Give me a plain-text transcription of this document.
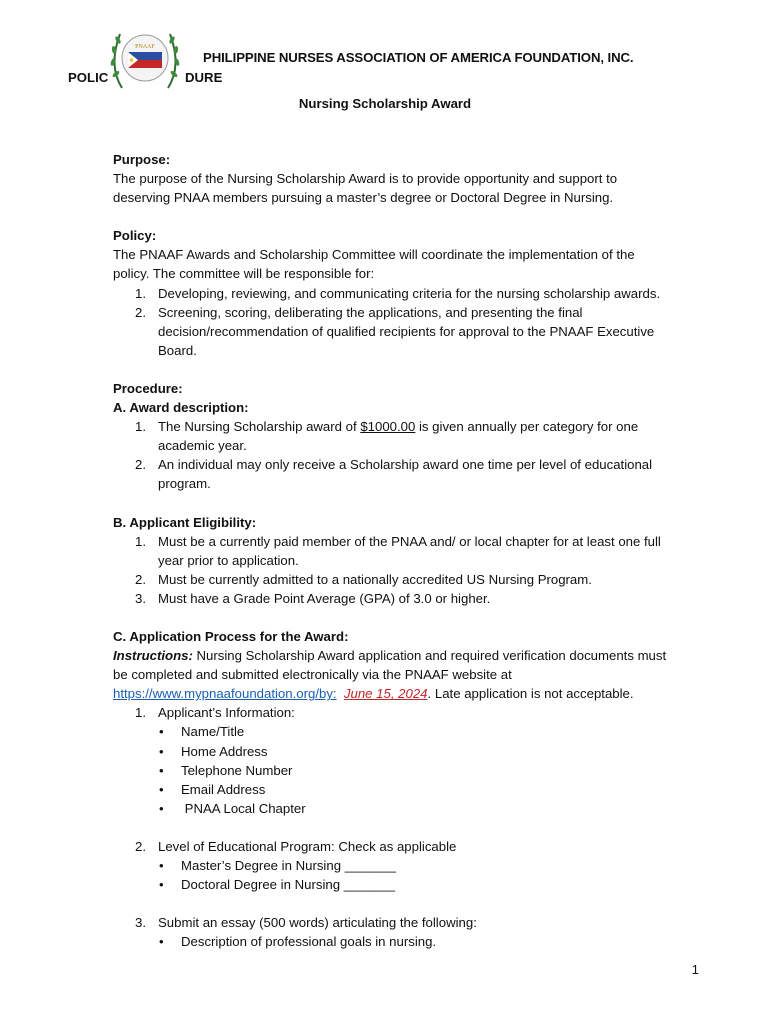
PNAAF
PHILIPPINE NURSES ASSOCIATION OF AMERICA FOUNDATION, INC.
POLIC	DURE
Nursing Scholarship Award

Purpose:

The purpose of the Nursing Scholarship Award is to provide opportunity and support to

deserving PNAA members pursuing a master’s degree or Doctoral Degree in Nursing.

Policy:

The PNAAF Awards and Scholarship Committee will coordinate the implementation of the

policy. The committee will be responsible for:

1. Developing, reviewing, and communicating criteria for the nursing scholarship awards.
2. Screening, scoring, deliberating the applications, and presenting the final
decision/recommendation of qualified recipients for approval to the PNAAF Executive
Board.

Procedure:

A. Award description:

1. The Nursing Scholarship award of $1000.00 is given annually per category for one
academic year.
2. An individual may only receive a Scholarship award one time per level of educational
program.

B. Applicant Eligibility:

1. Must be a currently paid member of the PNAA and/ or local chapter for at least one full
year prior to application.
2. Must be currently admitted to a nationally accredited US Nursing Program.
3. Must have a Grade Point Average (GPA) of 3.0 or higher.

C. Application Process for the Award:

Instructions: Nursing Scholarship Award application and required verification documents must

be completed and submitted electronically via the PNAAF website at

https://www.mypnaafoundation.org/by: June 15, 2024. Late application is not acceptable.

1. Applicant’s Information:
• Name/Title
• Home Address
• Telephone Number
• Email Address
• PNAA Local Chapter
2. Level of Educational Program: Check as applicable
• Master’s Degree in Nursing _______
• Doctoral Degree in Nursing _______
3. Submit an essay (500 words) articulating the following:
• Description of professional goals in nursing.
1
